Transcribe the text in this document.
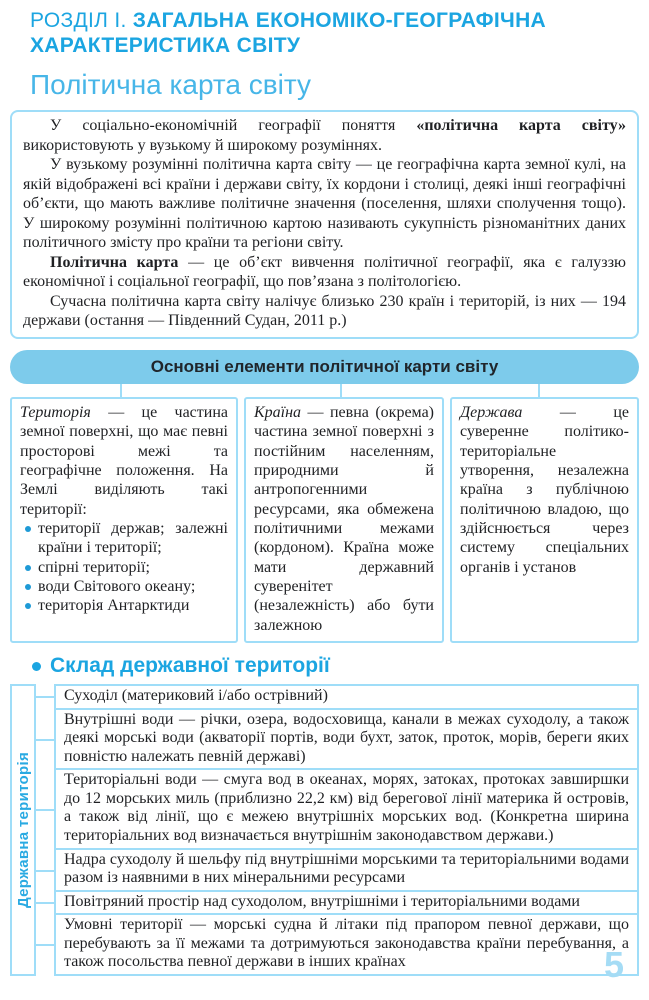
РОЗДІЛ І. ЗАГАЛЬНА ЕКОНОМІКО-ГЕОГРАФІЧНА ХАРАКТЕРИСТИКА СВІТУ
Політична карта світу

У соціально-економічній географії поняття «політична карта світу» використовують у вузькому й широкому розуміннях.

У вузькому розумінні політична карта світу — це географічна карта земної кулі, на якій відображені всі країни і держави світу, їх кордони і столиці, деякі інші географічні об’єкти, що мають важливе політичне значення (поселення, шляхи сполучення тощо). У широкому розумінні політичною картою називають сукупність різноманітних даних політичного змісту про країни та регіони світу.

Політична карта — це об’єкт вивчення політичної географії, яка є галуззю економічної і соціальної географії, що пов’язана з політологією.

Сучасна політична карта світу налічує близько 230 країн і територій, із них — 194 держави (остання — Південний Судан, 2011 р.)

Основні елементи політичної карти світу
Територія — це частина земної поверхні, що має певні просторові межі та географічне положення. На Землі виділяють такі території:
території держав; залежні країни і території;
спірні території;
води Світового океану;
територія Антарктиди
Країна — певна (окрема) частина земної поверхні з постійним населенням, природними й антропогенними ресурсами, яка обмежена політичними межами (кордоном). Країна може мати державний суверенітет (незалежність) або бути залежною
Держава — це суверенне політико-територіальне утворення, незалежна країна з публічною політичною владою, що здійснюється через систему спеціальних органів і установ
Склад державної території
Державна територія
Суходіл (материковий і/або острівний)
Внутрішні води — річки, озера, водосховища, канали в межах суходолу, а також деякі морські води (акваторії портів, води бухт, заток, проток, морів, береги яких повністю належать певній державі)
Територіальні води — смуга вод в океанах, морях, затоках, протоках завширшки до 12 морських миль (приблизно 22,2 км) від берегової лінії материка й островів, а також від лінії, що є межею внутрішніх морських вод. (Конкретна ширина територіальних вод визначається внутрішнім законодавством держави.)
Надра суходолу й шельфу під внутрішніми морськими та територіальними водами разом із наявними в них мінеральними ресурсами
Повітряний простір над суходолом, внутрішніми і територіальними водами
Умовні території — морські судна й літаки під прапором певної держави, що перебувають за її межами та дотримуються законодавства країни перебування, а також посольства певної держави в інших країнах	5
